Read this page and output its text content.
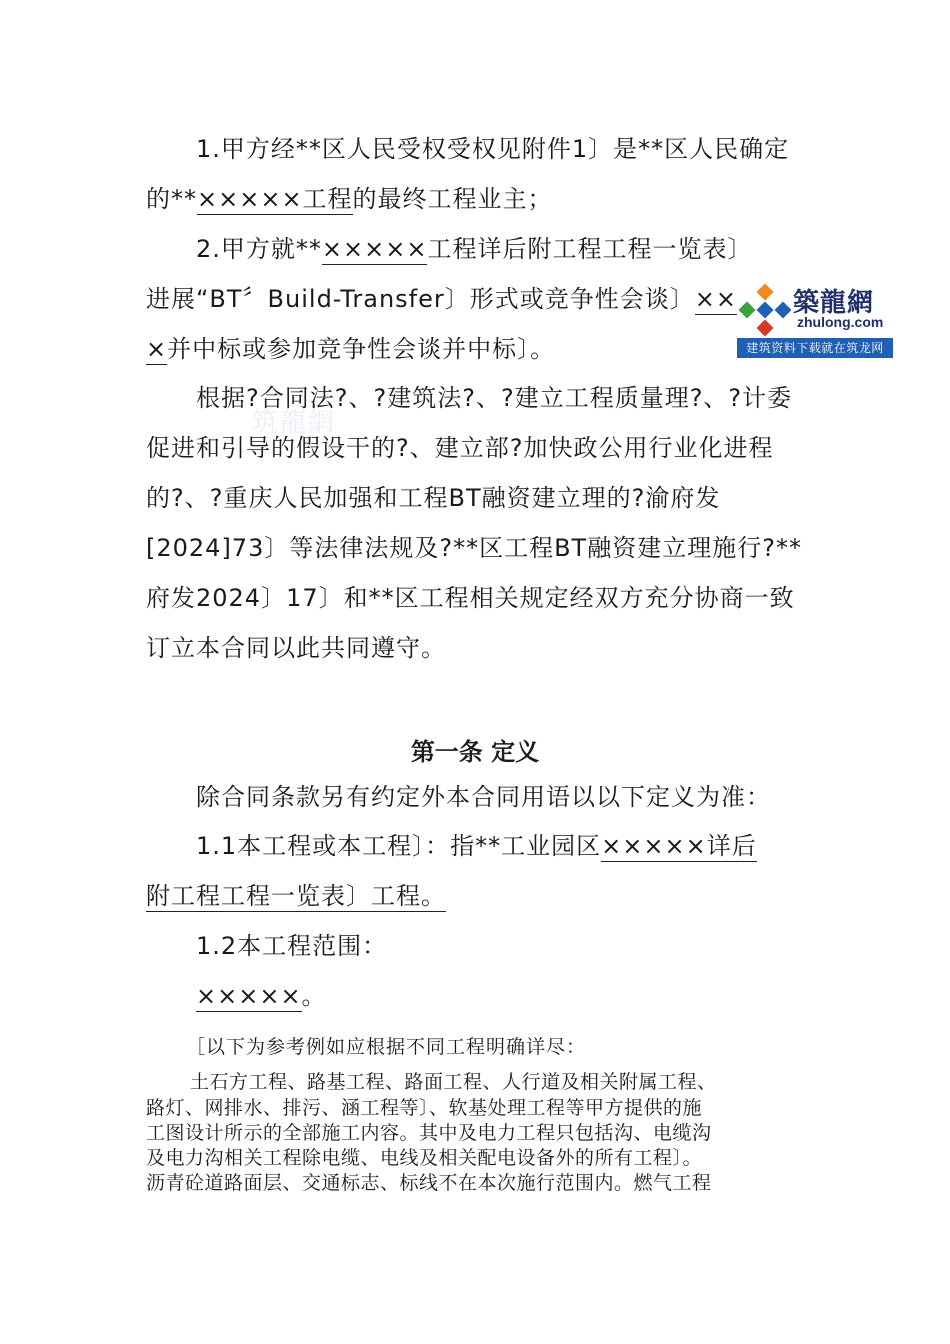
筑龍網
1.甲方经**区人民受权受权见附件1〕是**区人民确定
的**×××××工程的最终工程业主；
2.甲方就**×××××工程详后附工程工程一览表〕
进展“BT〞Build-Transfer〕形式或竞争性会谈〕××
×并中标或参加竞争性会谈并中标〕。
根据?合同法?、?建筑法?、?建立工程质量理?、?计委
促进和引导的假设干的?、建立部?加快政公用行业化进程
的?、?重庆人民加强和工程BT融资建立理的?渝府发
[2024]73〕等法律法规及?**区工程BT融资建立理施行?**
府发2024〕17〕和**区工程相关规定经双方充分协商一致
订立本合同以此共同遵守。
第一条 定义
除合同条款另有约定外本合同用语以以下定义为准：
1.1本工程或本工程〕：指**工业园区×××××详后
附工程工程一览表〕工程。
1.2本工程范围：
×××××。
［以下为参考例如应根据不同工程明确详尽：
土石方工程、路基工程、路面工程、人行道及相关附属工程、
路灯、网排水、排污、涵工程等〕、软基处理工程等甲方提供的施
工图设计所示的全部施工内容。其中及电力工程只包括沟、电缆沟
及电力沟相关工程除电缆、电线及相关配电设备外的所有工程〕。
沥青砼道路面层、交通标志、标线不在本次施行范围内。燃气工程
築龍網
zhulong.com
建筑资料下载就在筑龙网
